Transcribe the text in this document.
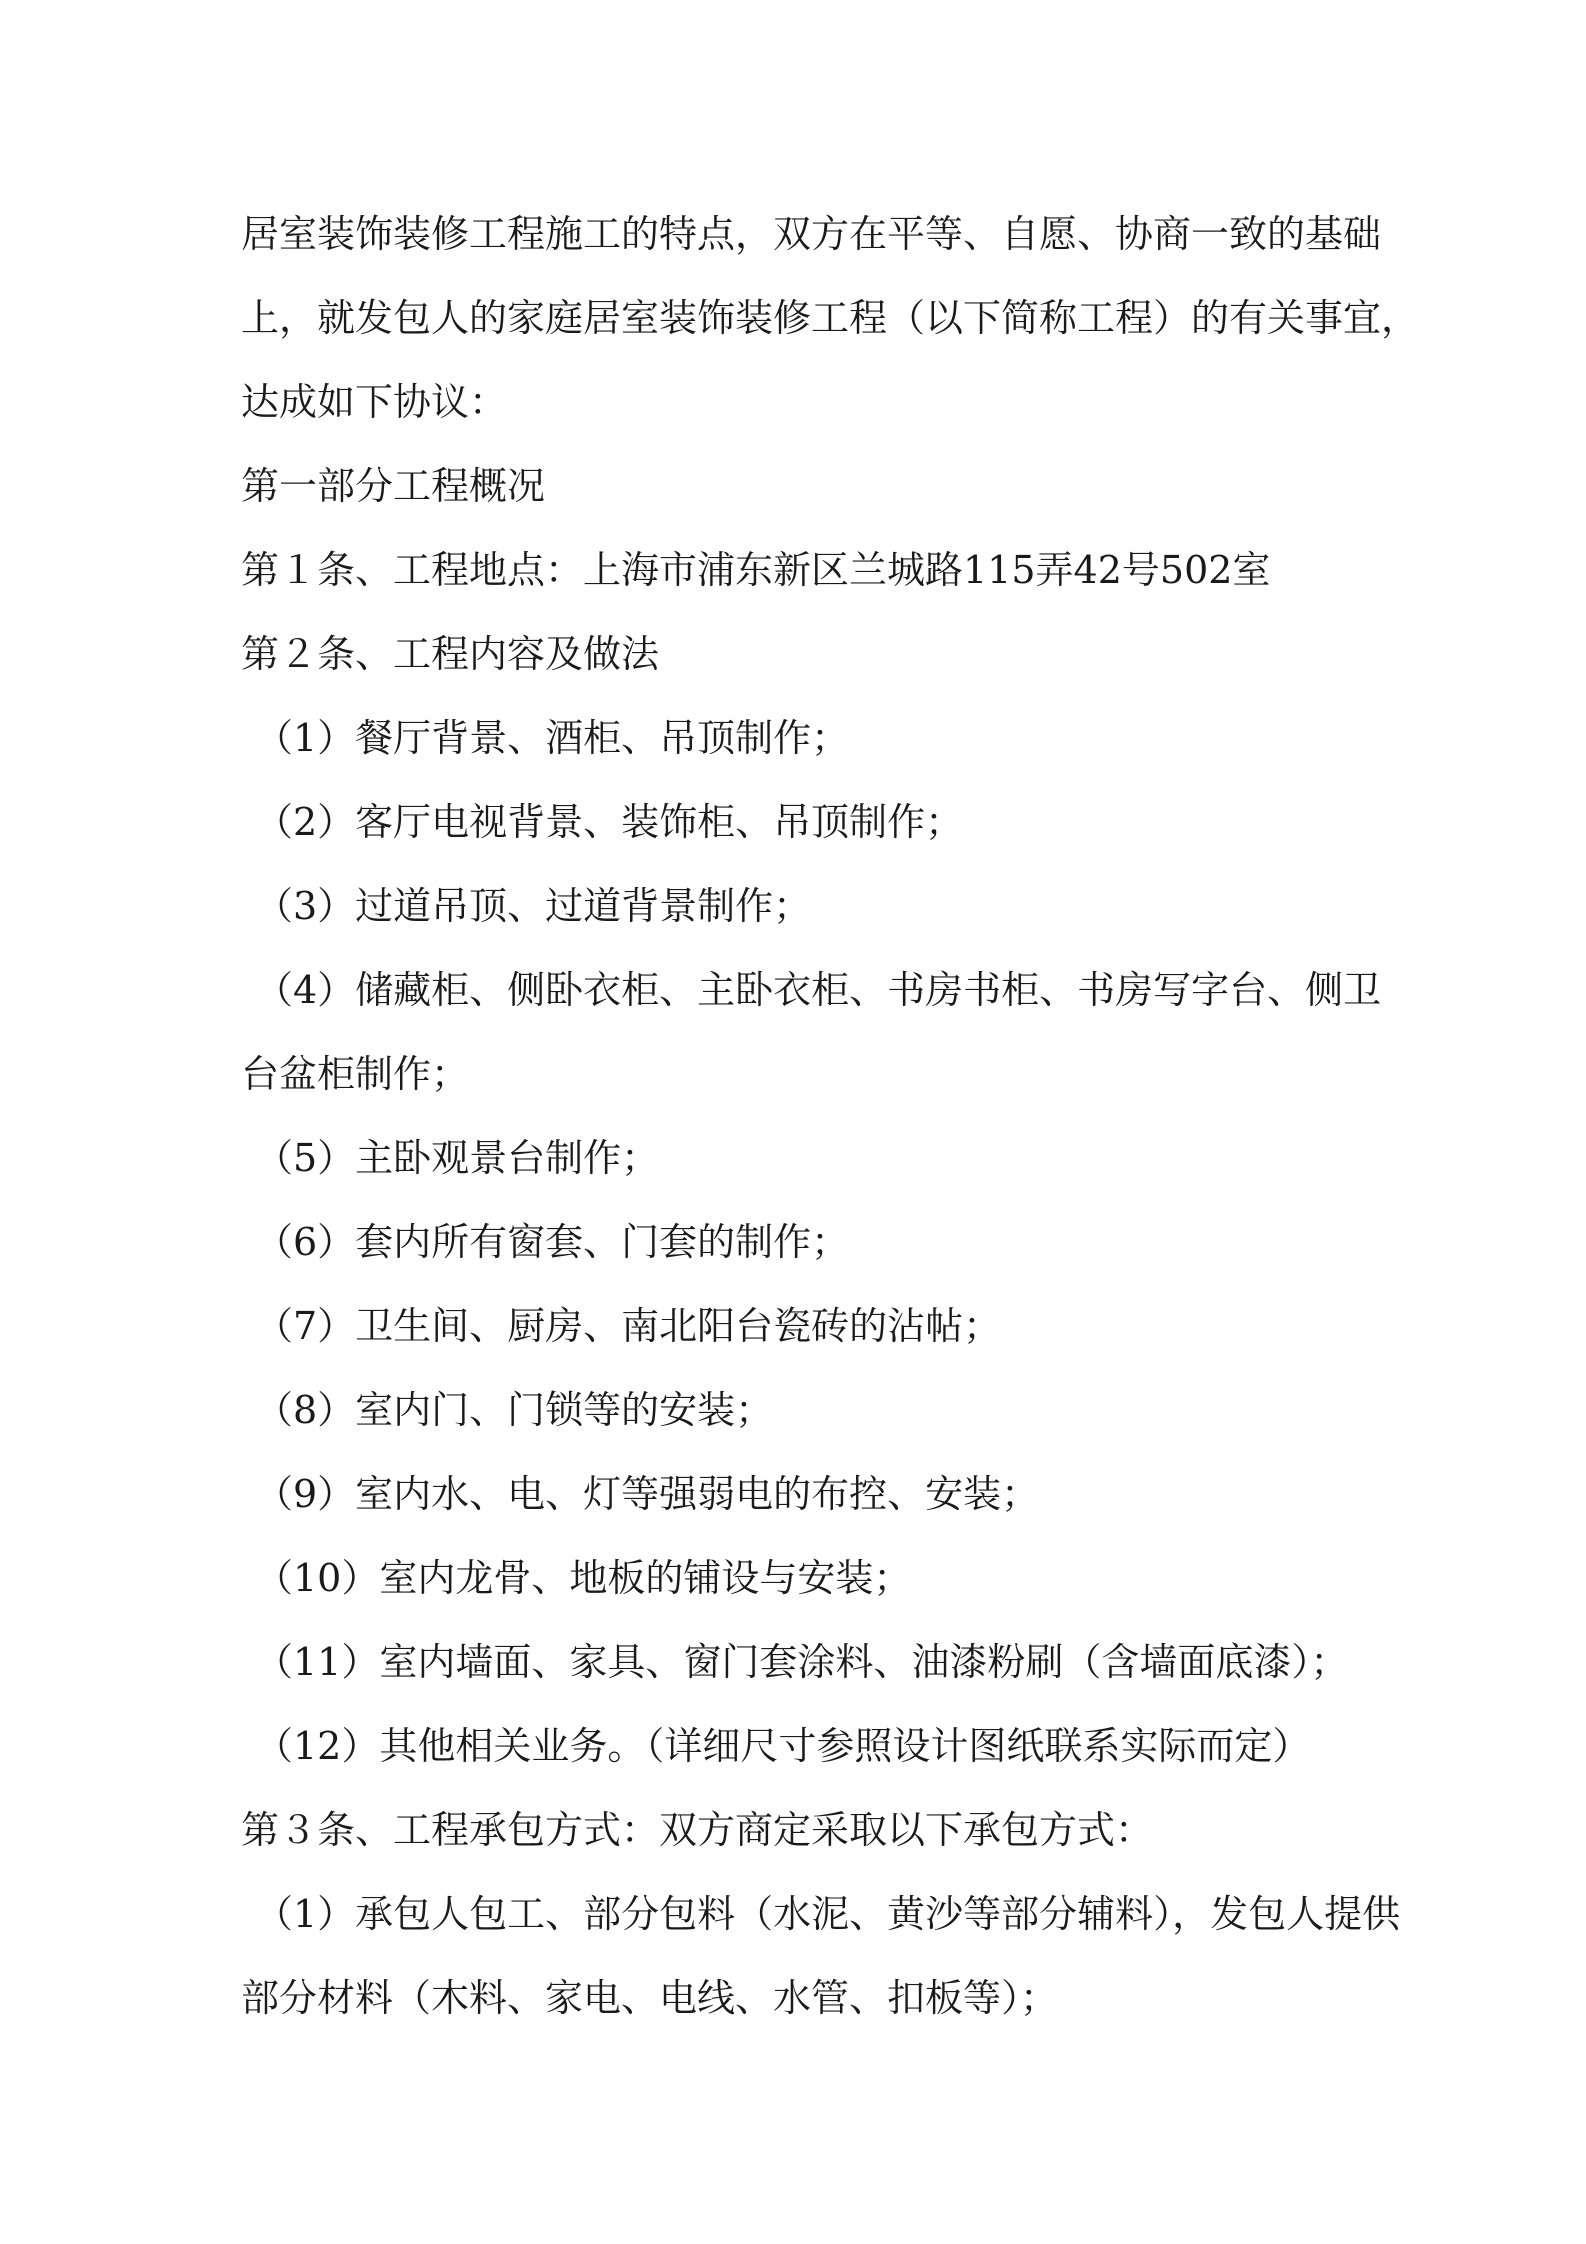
居室装饰装修工程施工的特点，双方在平等、自愿、协商一致的基础
上，就发包人的家庭居室装饰装修工程（以下简称工程）的有关事宜，
达成如下协议：
第一部分工程概况
第１条、工程地点：上海市浦东新区兰城路115弄42号502室
第２条、工程内容及做法
（1）餐厅背景、酒柜、吊顶制作；
（2）客厅电视背景、装饰柜、吊顶制作；
（3）过道吊顶、过道背景制作；
（4）储藏柜、侧卧衣柜、主卧衣柜、书房书柜、书房写字台、侧卫
台盆柜制作；
（5）主卧观景台制作；
（6）套内所有窗套、门套的制作；
（7）卫生间、厨房、南北阳台瓷砖的沾帖；
（8）室内门、门锁等的安装；
（9）室内水、电、灯等强弱电的布控、安装；
（10）室内龙骨、地板的铺设与安装；
（11）室内墙面、家具、窗门套涂料、油漆粉刷（含墙面底漆）；
（12）其他相关业务。（详细尺寸参照设计图纸联系实际而定）
第３条、工程承包方式：双方商定采取以下承包方式：
（1）承包人包工、部分包料（水泥、黄沙等部分辅料），发包人提供
部分材料（木料、家电、电线、水管、扣板等）；
